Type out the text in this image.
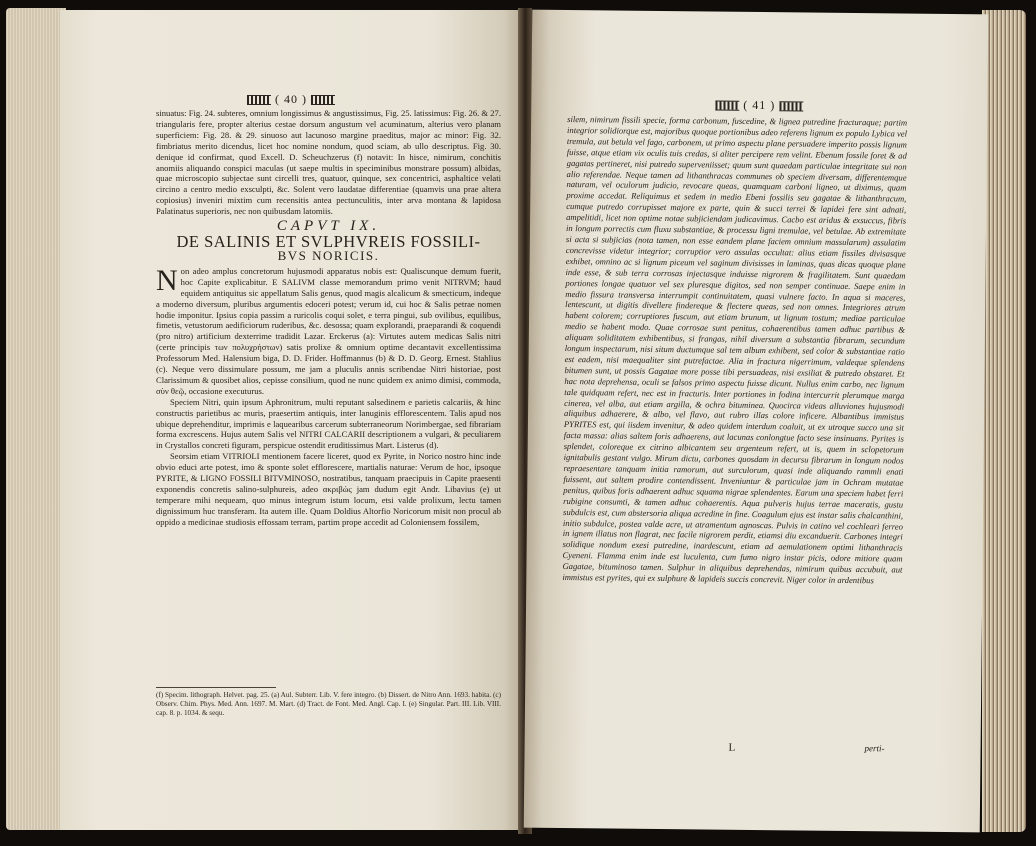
( 40 )

sinuatus: Fig. 24. subteres, omnium longissimus & angustissimus, Fig. 25. latissimus: Fig. 26. & 27. triangularis fere, propter alterius cestae dorsum angustum vel acuminatum, alterius vero planam superficiem: Fig. 28. & 29. sinuoso aut lacunoso margine praeditus, major ac minor: Fig. 32. fimbriatus merito dicendus, licet hoc nomine nondum, quod sciam, ab ullo descriptus. Fig. 30. denique id confirmat, quod Excell. D. Scheuchzerus (f) notavit: In hisce, nimirum, conchitis anomiis aliquando conspici maculas (ut saepe multis in speciminibus monstrare possum) albidas, quae microscopio subjectae sunt circelli tres, quatuor, quinque, sex concentrici, asphaltice velati circino a centro medio exsculpti, &c. Solent vero laudatae differentiae (quamvis una prae altera copiosius) inveniri mixtim cum recensitis antea pectunculitis, inter arva montana & lapidosa Palatinatus superioris, nec non quibusdam latomiis.

CAPVT IX.
DE SALINIS ET SVLPHVREIS FOSSILI-
BVS NORICIS.

Non adeo amplus concretorum hujusmodi apparatus nobis est: Qualiscunque demum fuerit, hoc Capite explicabitur. E SALIVM classe memorandum primo venit NITRVM; haud equidem antiquitus sic appellatum Salis genus, quod magis alcalicum & smecticum, indeque a moderno diversum, pluribus argumentis edoceri potest; verum id, cui hoc & Salis petrae nomen hodie imponitur. Ipsius copia passim a ruricolis coqui solet, e terra pingui, sub ovilibus, equilibus, fimetis, vetustorum aedificiorum ruderibus, &c. desossa; quam explorandi, praeparandi & coquendi (pro nitro) artificium dexterrime tradidit Lazar. Erckerus (a): Virtutes autem medicas Salis nitri (certe principis των πολυχρήστων) satis prolixe & omnium optime decantavit excellentissima Professorum Med. Halensium biga, D. D. Frider. Hoffmannus (b) & D. D. Georg. Ernest. Stahlius (c). Neque vero dissimulare possum, me jam a pluculis annis scribendae Nitri historiae, post Clarissimum & quosibet alios, cepisse consilium, quod ne nunc quidem ex animo dimisi, commoda, σὺν θεῷ, occasione executurus.

Speciem Nitri, quin ipsum Aphronitrum, multi reputant salsedinem e parietis calcariis, & hinc constructis parietibus ac muris, praesertim antiquis, inter lanuginis efflorescentem. Talis apud nos ubique deprehenditur, imprimis e laquearibus carcerum subterraneorum Norimbergae, sed fibrariam forma excrescens. Hujus autem Salis vel NITRI CALCARII descriptionem a vulgari, & peculiarem in Crystallos concreti figuram, perspicue ostendit eruditissimus Mart. Listerus (d).

Seorsim etiam VITRIOLI mentionem facere liceret, quod ex Pyrite, in Norico nostro hinc inde obvio educi arte potest, imo & sponte solet efflorescere, martialis naturae: Verum de hoc, ipsoque PYRITE, & LIGNO FOSSILI BITVMINOSO, nostratibus, tanquam praecipuis in Capite praesenti exponendis concretis salino-sulphureis, adeo ακριβώς jam dudum egit Andr. Libavius (e) ut temperare mihi nequeam, quo minus integrum istum locum, etsi valde prolixum, lectu tamen dignissimum huc transferam. Ita autem ille. Quam Doldius Altorfio Noricorum misit non procul ab oppido a medicinae studiosis effossam terram, partim prope accedit ad Coloniensem fossilem,

(f) Specim. lithograph. Helvet. pag. 25. (a) Aul. Subterr. Lib. V. fere integro. (b) Dissert. de Nitro Ann. 1693. habita. (c) Observ. Chim. Phys. Med. Ann. 1697. M. Mart. (d) Tract. de Font. Med. Angl. Cap. I. (e) Singular. Part. III. Lib. VIII. cap. 8. p. 1034. & sequ.
( 41 )

silem, nimirum fissili specie, forma carbonum, fuscedine, & lignea putredine fracturaque; partim integrior solidiorque est, majoribus quoque portionibus adeo referens lignum ex populo Lybica vel tremula, aut betula vel fago, carbonem, ut primo aspectu plane persuadere imperito possis lignum fuisse, atque etiam vix oculis tuis credas, si aliter percipere rem velint. Ebenum fossile foret & ad gagatas pertineret, nisi putredo superveniisset; quum sunt quaedam particulae integritate sui non alio referendae. Neque tamen ad lithanthracas communes ob speciem diversam, differentemque naturam, vel oculorum judicio, revocare queas, quamquam carboni ligneo, ut diximus, quam proxime accedat. Reliquimus et sedem in medio Ebeni fossilis seu gagatae & lithanthracum, cumque putredo corrupisset majore ex parte, quin & succi terrei & lapidei fere sint adnati, ampelitidi, licet non optime notae subjiciendam judicavimus. Cacbo est aridus & exsuccus, fibris in longum porrectis cum fluxu substantiae, & processu ligni tremulae, vel betulae. Ab extremitate si acta si subjicias (nota tamen, non esse eandem plane faciem omnium massularum) assulatim concrevisse videtur integrior; corruptior vero assulas occultat: alius etiam fissiles divisasque exhibet, omnino ac si lignum piceum vel saginum divisisses in laminas, quas dicas quoque plane inde esse, & sub terra corrosas injectasque induisse nigrorem & fragilitatem. Sunt quaedam portiones longae quatuor vel sex pluresque digitos, sed non semper continuae. Saepe enim in medio fissura transversa interrumpit continuitatem, quasi vulnere facto. In aqua si maceres, lentescunt, ut digitis divellere findereque & flectere queas, sed non omnes. Integriores atrum habent colorem; corruptiores fuscum, aut etiam brunum, ut lignum tostum; mediae particulae medio se habent modo. Quae corrosae sunt penitus, cohaerentibus tamen adhuc partibus & aliquam soliditatem exhibentibus, si frangas, nihil diversum a substantia fibrarum, secundum longum inspectarum, nisi situm ductumque sal tem album exhibent, sed color & substantiae ratio est eadem, nisi maequaliter sint putrefactae. Alia in fractura nigerrimum, valdeque splendens bitumen sunt, ut possis Gagatae more posse tibi persuadeas, nisi exsiliat & putredo obstaret. Et hac nota deprehensa, oculi se falsos primo aspectu fuisse dicunt. Nullus enim carbo, nec lignum tale quidquam refert, nec est in fracturis. Inter portiones in fodina intercurrit plerumque marga cinerea, vel alba, aut etiam argilla, & ochra bituminea. Quocirca videas alluviones hujusmodi aliquibus adhaerere, & albo, vel flavo, aut rubro illas colore inficere. Albantibus immistus PYRITES est, qui iisdem invenitur, & adeo quidem interdum coaluit, ut ex utroque succo una sit facta massa: alias saltem foris adhaerens, aut lacunas conlongtue facto sese insinuans. Pyrites is splendet, coloreque ex citrino albicantem seu argenteum refert, ut is, quem in sclopetorum ignitabulis gestant vulgo. Mirum dictu, carbones quosdam in decursu fibrarum in longum nodos repraesentare tanquam initia ramorum, aut surculorum, quasi inde aliquando rammli enati fuissent, aut saltem prodire contendissent. Inveniuntur & particulae jam in Ochram mutatae penitus, quibus foris adhaerent adhuc squama nigrae splendentes. Earum una speciem habet ferri rubigine consumti, & tamen adhuc cohaerentis. Aqua pulveris hujus terrae maceratis, gustu subdulcis est, cum abstersoria aliqua acredine in fine. Coagulum ejus est instar salis chalcanthini, initio subdulce, postea valde acre, ut atramentum agnoscas. Pulvis in catino vel cochleari ferreo in ignem illatus non flagrat, nec facile nigrorem perdit, etiamsi diu excanduerit. Carbones integri solidique nondum exesi putredine, inardescunt, etiam ad aemulationem optimi lithanthracis Cyeneni. Flamma enim inde est luculenta, cum fumo nigro instar picis, odore mitiore quam Gagatae, bituminoso tamen. Sulphur in aliquibus deprehendas, nimirum quibus accubuit, aut immistus est pyrites, qui ex sulphure & lapideis succis concrevit. Niger color in ardentibus

L	perti-
